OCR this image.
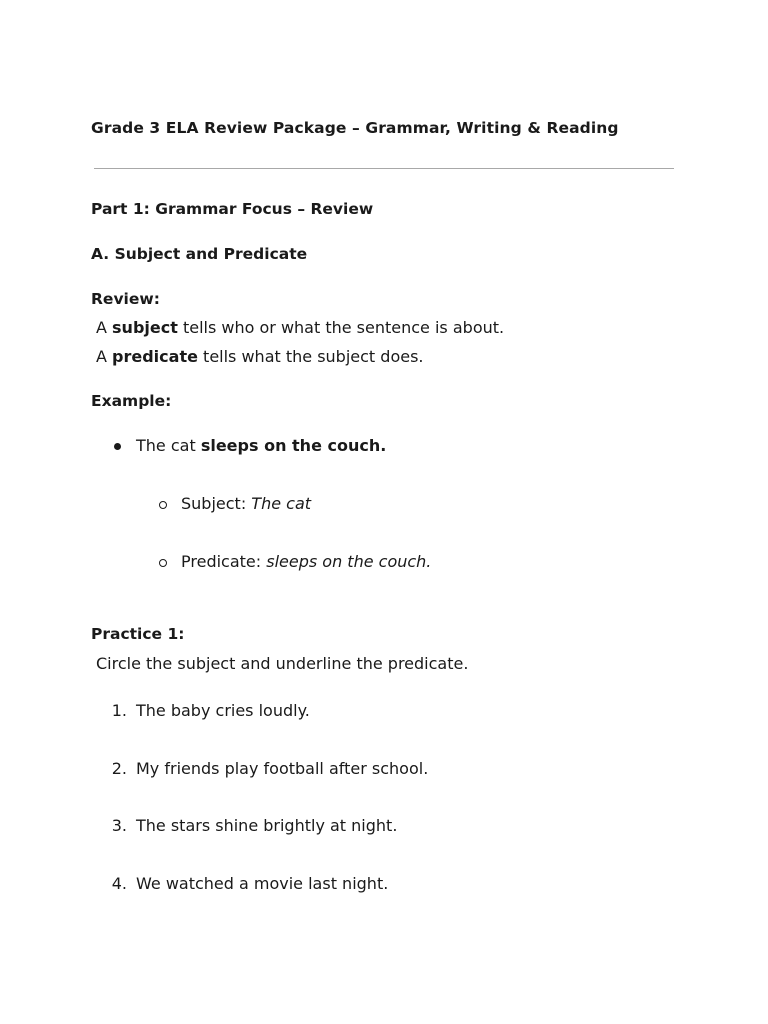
Grade 3 ELA Review Package – Grammar, Writing & Reading
Part 1: Grammar Focus – Review
A. Subject and Predicate
Review:
A subject tells who or what the sentence is about.
A predicate tells what the subject does.
Example:
The cat sleeps on the couch.
Subject: The cat
Predicate: sleeps on the couch.
Practice 1:
Circle the subject and underline the predicate.
1. The baby cries loudly.
2. My friends play football after school.
3. The stars shine brightly at night.
4. We watched a movie last night.
